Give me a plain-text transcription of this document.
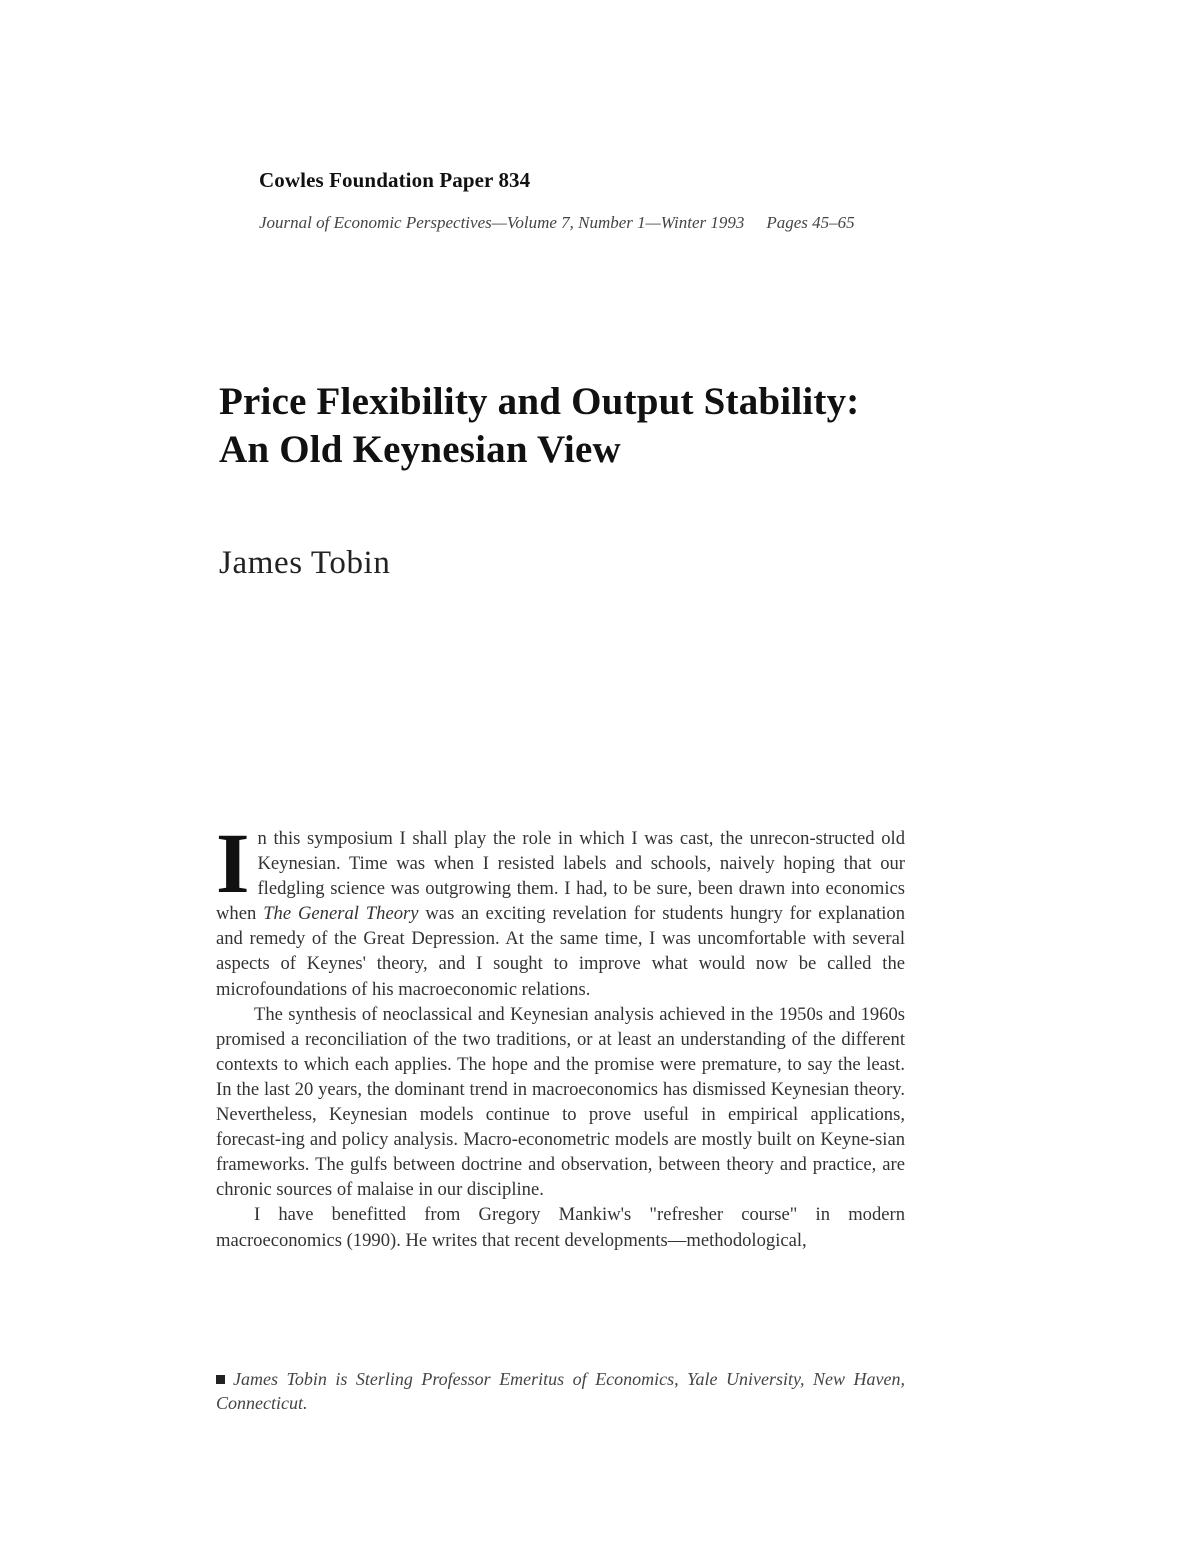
Cowles Foundation Paper 834
Journal of Economic Perspectives—Volume 7, Number 1—Winter 1993 Pages 45–65
Price Flexibility and Output Stability:
An Old Keynesian View
James Tobin

In this symposium I shall play the role in which I was cast, the unrecon-structed old Keynesian. Time was when I resisted labels and schools, naively hoping that our fledgling science was outgrowing them. I had, to be sure, been drawn into economics when The General Theory was an exciting revelation for students hungry for explanation and remedy of the Great Depression. At the same time, I was uncomfortable with several aspects of Keynes' theory, and I sought to improve what would now be called the microfoundations of his macroeconomic relations.

The synthesis of neoclassical and Keynesian analysis achieved in the 1950s and 1960s promised a reconciliation of the two traditions, or at least an understanding of the different contexts to which each applies. The hope and the promise were premature, to say the least. In the last 20 years, the dominant trend in macroeconomics has dismissed Keynesian theory. Nevertheless, Keynesian models continue to prove useful in empirical applications, forecast-ing and policy analysis. Macro-econometric models are mostly built on Keyne-sian frameworks. The gulfs between doctrine and observation, between theory and practice, are chronic sources of malaise in our discipline.

I have benefitted from Gregory Mankiw's "refresher course" in modern macroeconomics (1990). He writes that recent developments—methodological,

James Tobin is Sterling Professor Emeritus of Economics, Yale University, New Haven, Connecticut.
